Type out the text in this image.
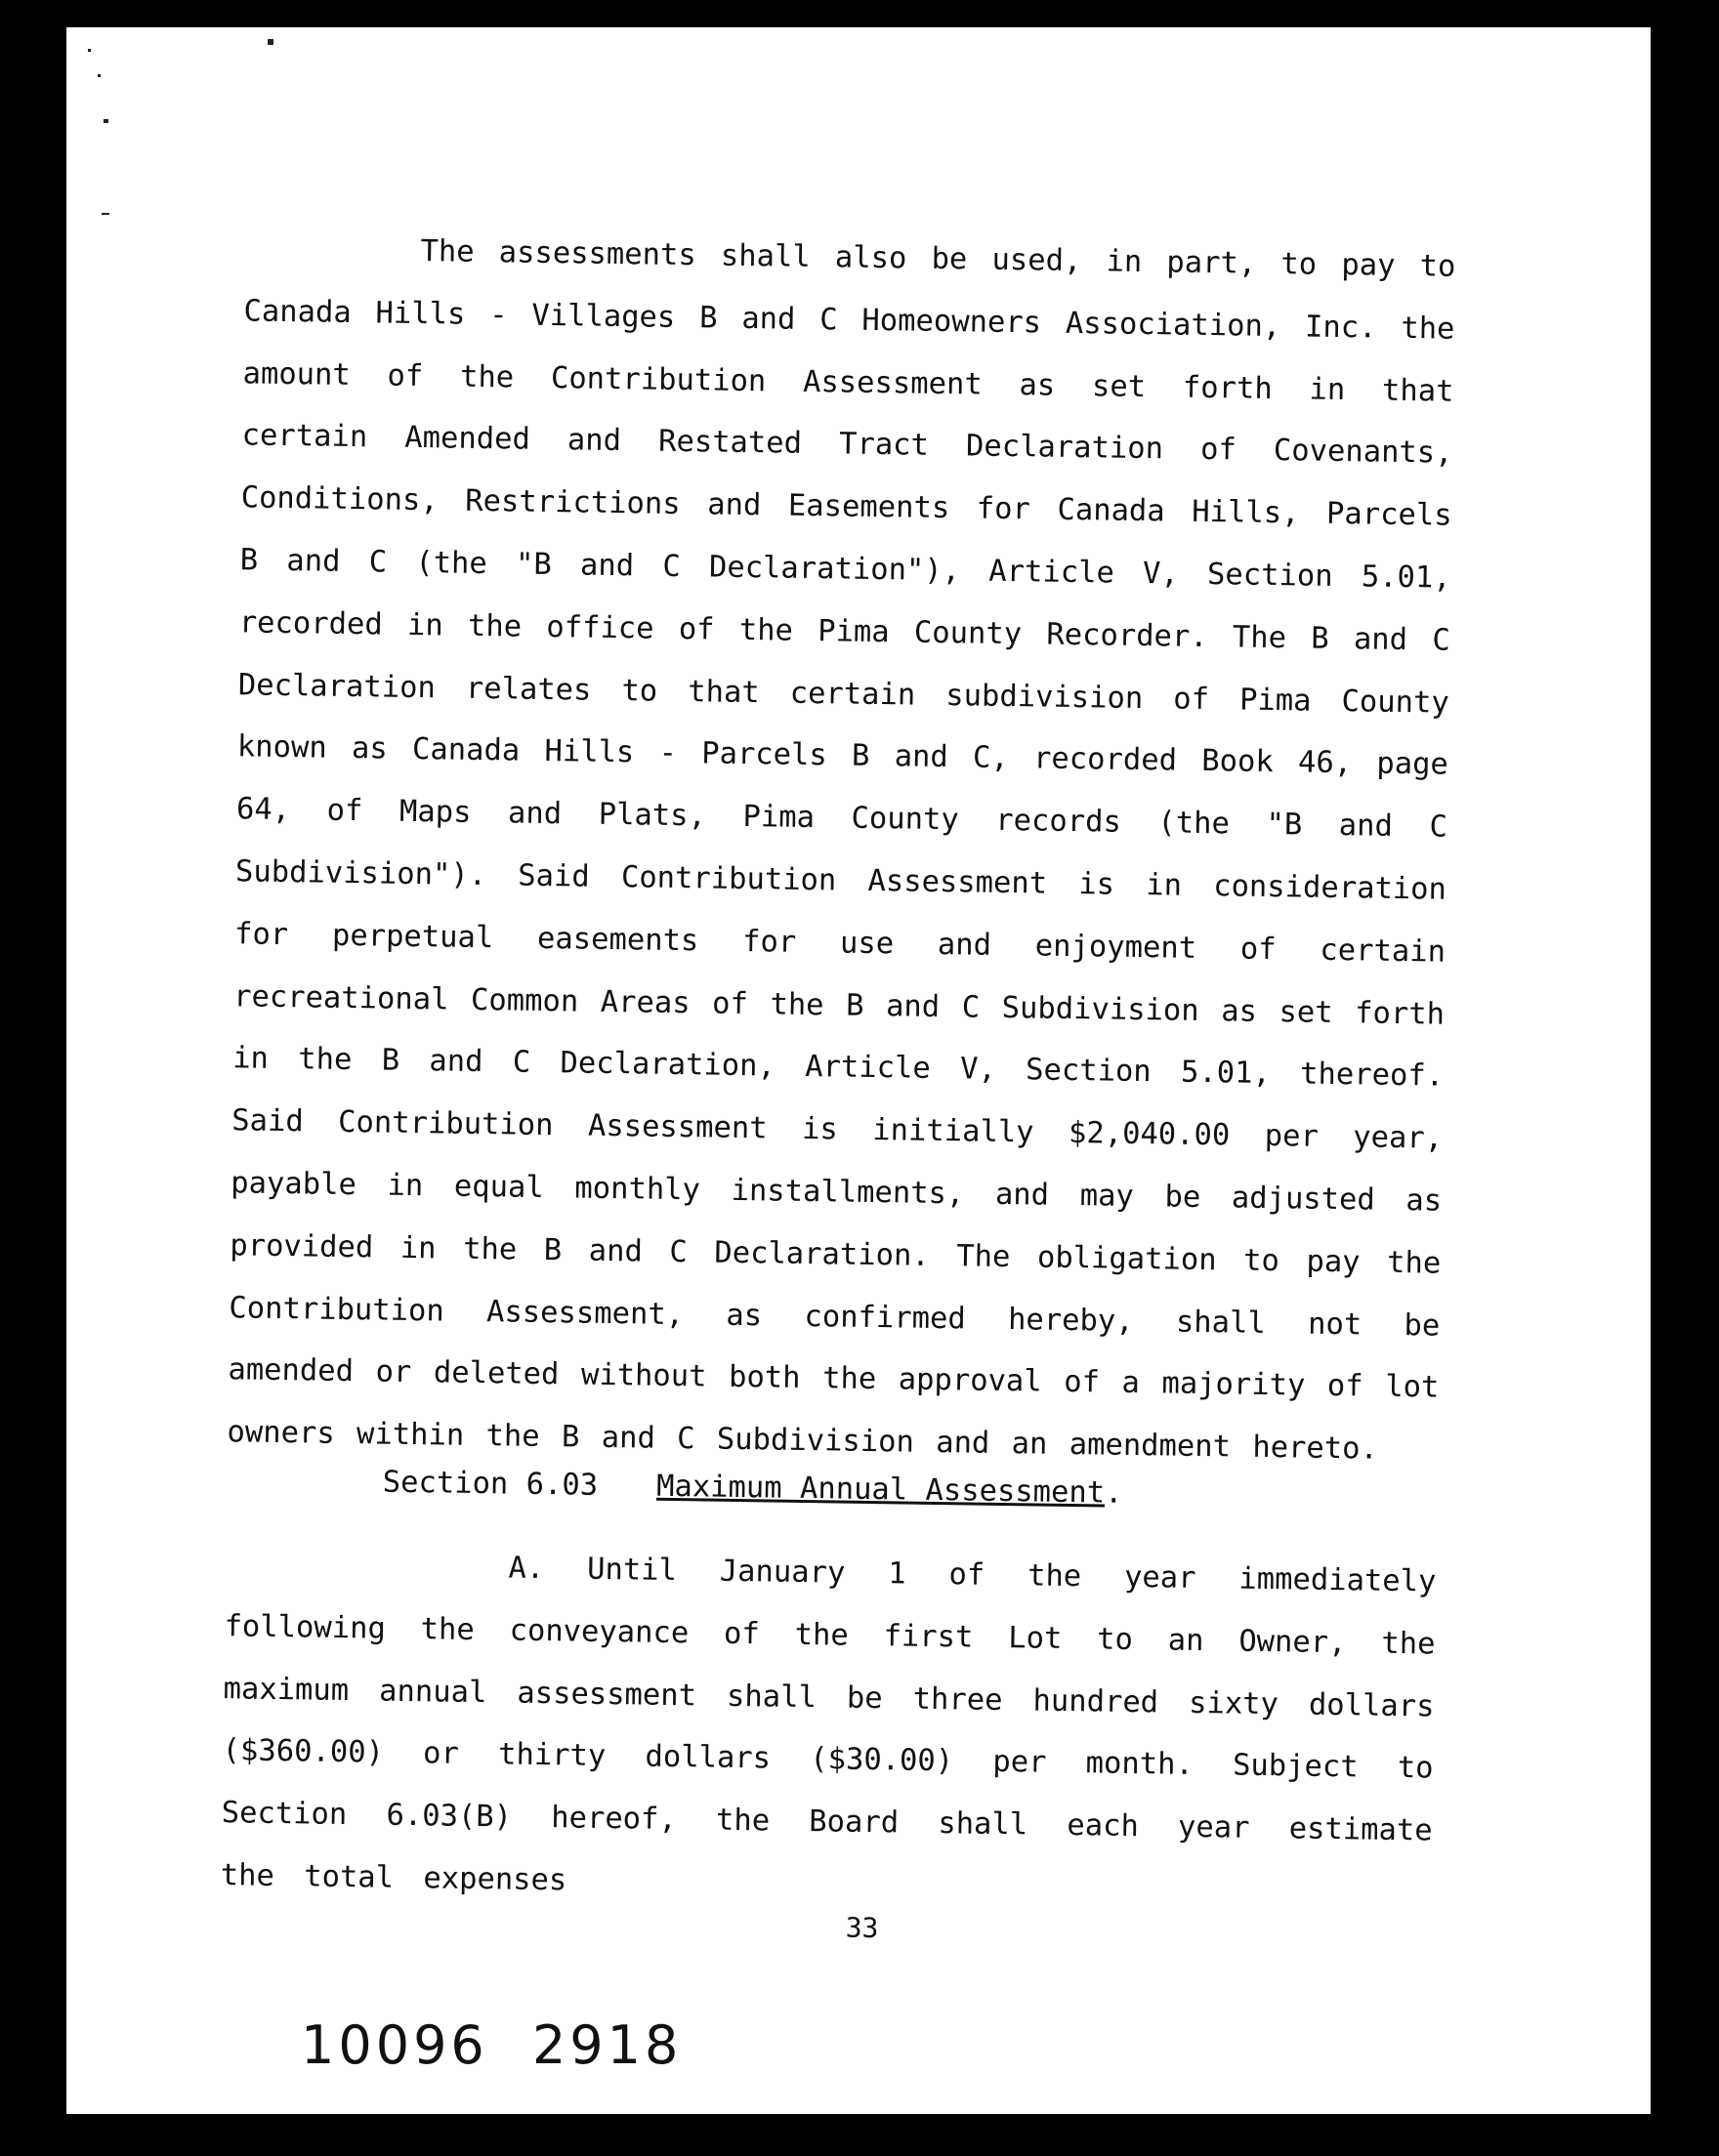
The assessments shall also be used, in part, to pay to Canada Hills - Villages B and C Homeowners Association, Inc. the amount of the Contribution Assessment as set forth in that certain Amended and Restated Tract Declaration of Covenants, Conditions, Restrictions and Easements for Canada Hills, Parcels B and C (the "B and C Declaration"), Article V, Section 5.01, recorded in the office of the Pima County Recorder. The B and C Declaration relates to that certain subdivision of Pima County known as Canada Hills - Parcels B and C, recorded Book 46, page 64, of Maps and Plats, Pima County records (the "B and C Subdivision"). Said Contribution Assessment is in consideration for perpetual easements for use and enjoyment of certain recreational Common Areas of the B and C Subdivision as set forth in the B and C Declaration, Article V, Section 5.01, thereof. Said Contribution Assessment is initially $2,040.00 per year, payable in equal monthly installments, and may be adjusted as provided in the B and C Declaration. The obligation to pay the Contribution Assessment, as confirmed hereby, shall not be amended or deleted without both the approval of a majority of lot owners within the B and C Subdivision and an amendment hereto.

Section 6.03 Maximum Annual Assessment.

A. Until January 1 of the year immediately following the conveyance of the first Lot to an Owner, the maximum annual assessment shall be three hundred sixty dollars ($360.00) or thirty dollars ($30.00) per month. Subject to Section 6.03(B) hereof, the Board shall each year estimate the total expenses

33
10096 2918
